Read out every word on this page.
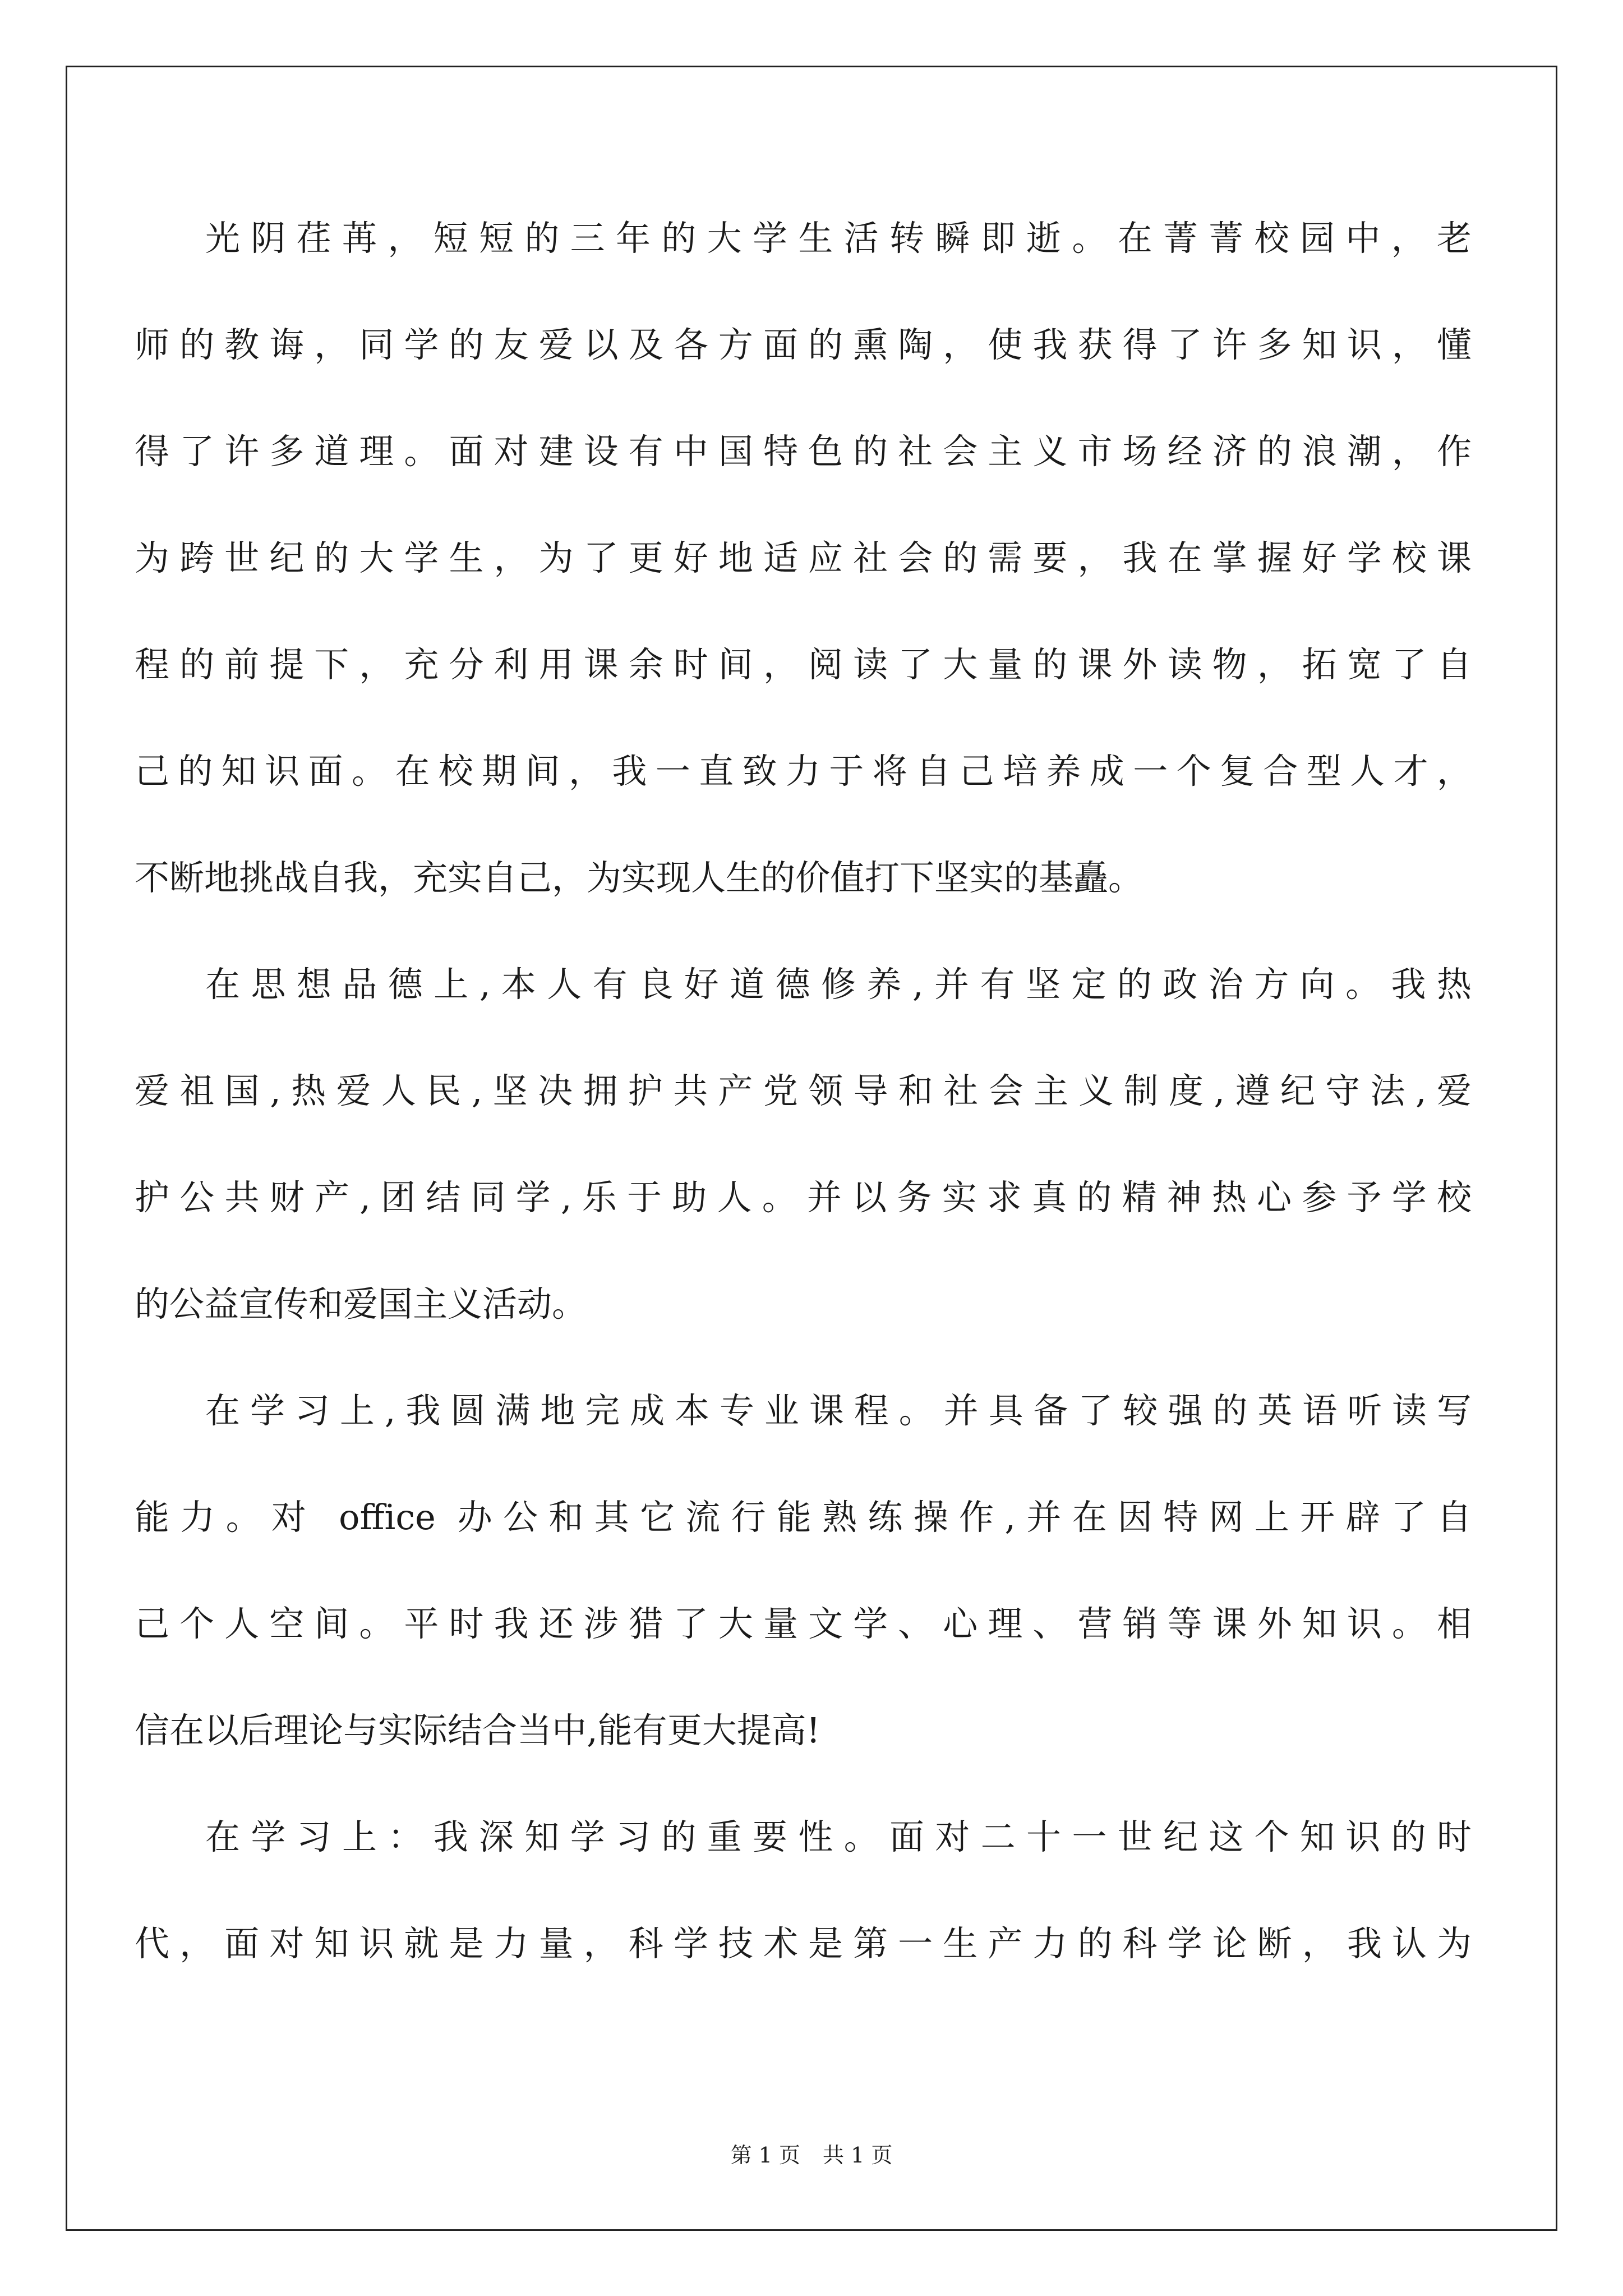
光阴荏苒，短短的三年的大学生活转瞬即逝。在菁菁校园中，老
师的教诲，同学的友爱以及各方面的熏陶，使我获得了许多知识，懂
得了许多道理。面对建设有中国特色的社会主义市场经济的浪潮，作
为跨世纪的大学生，为了更好地适应社会的需要，我在掌握好学校课
程的前提下，充分利用课余时间，阅读了大量的课外读物，拓宽了自
己的知识面。在校期间，我一直致力于将自己培养成一个复合型人才，
不断地挑战自我，充实自己，为实现人生的价值打下坚实的基矗。
在思想品德上,本人有良好道德修养,并有坚定的政治方向。我热
爱祖国,热爱人民,坚决拥护共产党领导和社会主义制度,遵纪守法,爱
护公共财产,团结同学,乐于助人。并以务实求真的精神热心参予学校
的公益宣传和爱国主义活动。
在学习上,我圆满地完成本专业课程。并具备了较强的英语听读写
能力。对 office 办公和其它流行能熟练操作,并在因特网上开辟了自
己个人空间。平时我还涉猎了大量文学、心理、营销等课外知识。相
信在以后理论与实际结合当中,能有更大提高!
在学习上：我深知学习的重要性。面对二十一世纪这个知识的时
代，面对知识就是力量，科学技术是第一生产力的科学论断，我认为
第 1 页 共 1 页
